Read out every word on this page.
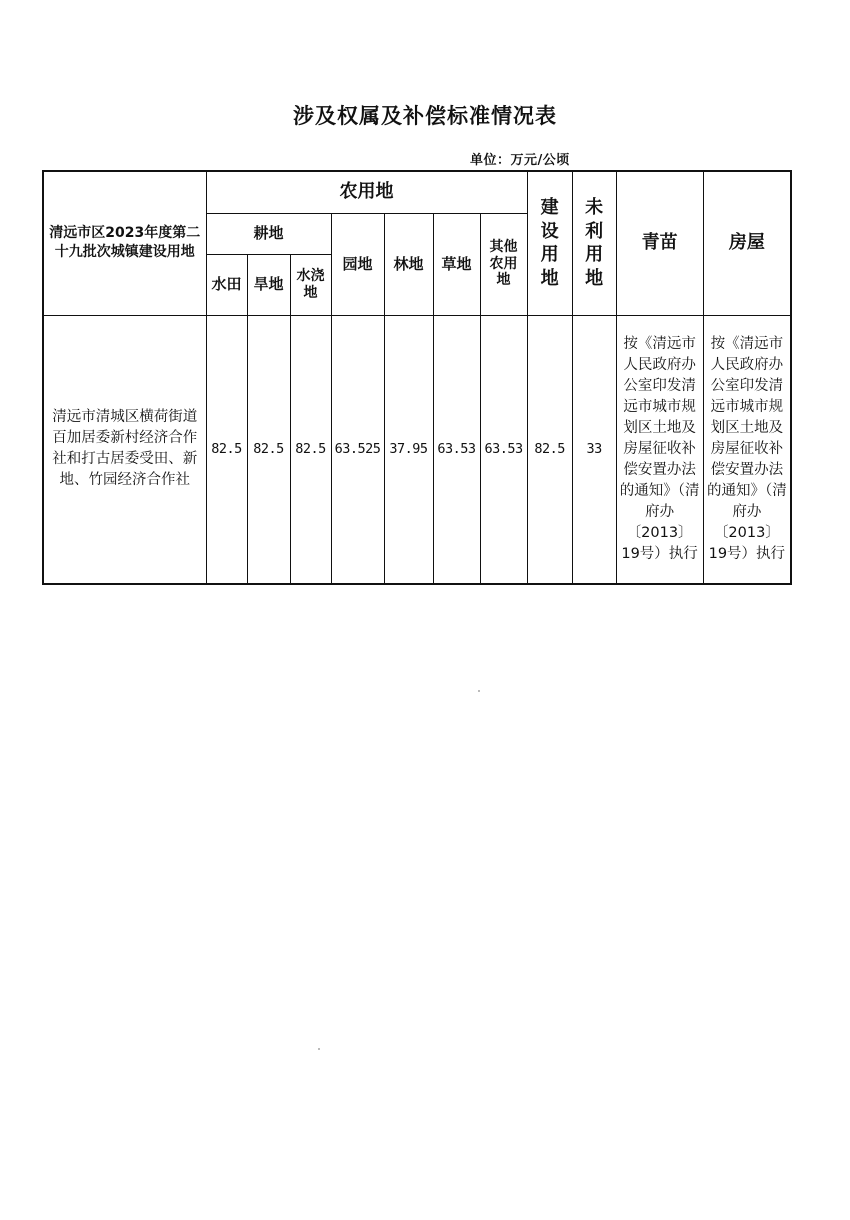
涉及权属及补偿标准情况表
单位：万元/公顷
清远市区2023年度第二十九批次城镇建设用地	农用地							建设用地	未利用地	青苗	房屋
	耕地			园地	林地	草地	其他农用地				

	水田	旱地	水浇地								

清远市清城区横荷街道百加居委新村经济合作社和打古居委受田、新地、竹园经济合作社	82.5	82.5	82.5	63.525	37.95	63.53	63.53	82.5	33	按《清远市人民政府办公室印发清远市城市规划区土地及房屋征收补偿安置办法的通知》（清府办〔2013〕19号）执行	按《清远市人民政府办公室印发清远市城市规划区土地及房屋征收补偿安置办法的通知》（清府办〔2013〕19号）执行
